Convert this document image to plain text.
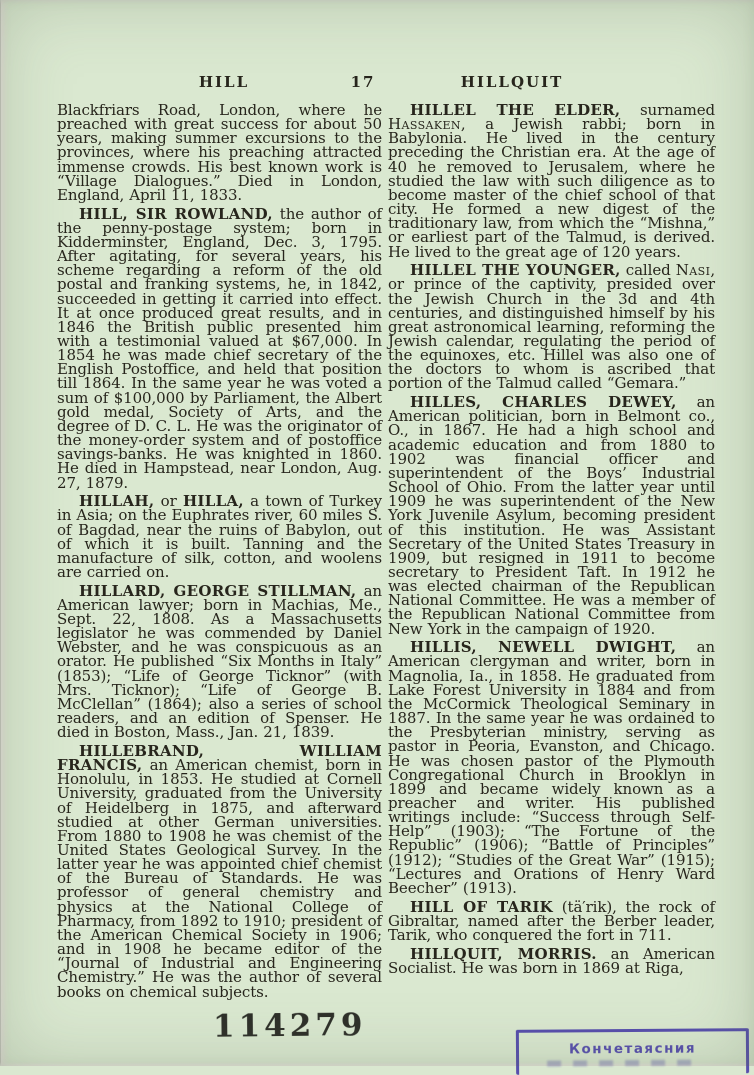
HILL	17	HILLQUIT

Blackfriars Road, London, where he preached with great success for about 50 years, making summer excursions to the provinces, where his preaching attracted immense crowds. His best known work is “Village Dialogues.” Died in London, England, April 11, 1833.

HILL, SIR ROWLAND, the author of the penny-postage system; born in Kidderminster, England, Dec. 3, 1795. After agitating, for several years, his scheme regarding a reform of the old postal and franking systems, he, in 1842, succeeded in getting it carried into effect. It at once produced great results, and in 1846 the British public presented him with a testimonial valued at $67,000. In 1854 he was made chief secretary of the English Postoffice, and held that position till 1864. In the same year he was voted a sum of $100,000 by Parliament, the Albert gold medal, Society of Arts, and the degree of D. C. L. He was the originator of the money-order system and of postoffice savings-banks. He was knighted in 1860. He died in Hampstead, near London, Aug. 27, 1879.

HILLAH, or HILLA, a town of Turkey in Asia; on the Euphrates river, 60 miles S. of Bagdad, near the ruins of Babylon, out of which it is built. Tanning and the manufacture of silk, cotton, and woolens are carried on.

HILLARD, GEORGE STILLMAN, an American lawyer; born in Machias, Me., Sept. 22, 1808. As a Massachusetts legislator he was commended by Daniel Webster, and he was conspicuous as an orator. He published “Six Months in Italy” (1853); “Life of George Ticknor” (with Mrs. Ticknor); “Life of George B. McClellan” (1864); also a series of school readers, and an edition of Spenser. He died in Boston, Mass., Jan. 21, 1839.

HILLEBRAND, WILLIAM FRANCIS, an American chemist, born in Honolulu, in 1853. He studied at Cornell University, graduated from the University of Heidelberg in 1875, and afterward studied at other German universities. From 1880 to 1908 he was chemist of the United States Geological Survey. In the latter year he was appointed chief chemist of the Bureau of Standards. He was professor of general chemistry and physics at the National College of Pharmacy, from 1892 to 1910; president of the American Chemical Society in 1906; and in 1908 he became editor of the “Journal of Industrial and Engineering Chemistry.” He was the author of several books on chemical subjects.

HILLEL THE ELDER, surnamed Hassaken, a Jewish rabbi; born in Babylonia. He lived in the century preceding the Christian era. At the age of 40 he removed to Jerusalem, where he studied the law with such diligence as to become master of the chief school of that city. He formed a new digest of the traditionary law, from which the “Mishna,” or earliest part of the Talmud, is derived. He lived to the great age of 120 years.

HILLEL THE YOUNGER, called Nasi, or prince of the captivity, presided over the Jewish Church in the 3d and 4th centuries, and distinguished himself by his great astronomical learning, reforming the Jewish calendar, regulating the period of the equinoxes, etc. Hillel was also one of the doctors to whom is ascribed that portion of the Talmud called “Gemara.”

HILLES, CHARLES DEWEY, an American politician, born in Belmont co., O., in 1867. He had a high school and academic education and from 1880 to 1902 was financial officer and superintendent of the Boys’ Industrial School of Ohio. From the latter year until 1909 he was superintendent of the New York Juvenile Asylum, becoming president of this institution. He was Assistant Secretary of the United States Treasury in 1909, but resigned in 1911 to become secretary to President Taft. In 1912 he was elected chairman of the Republican National Committee. He was a member of the Republican National Committee from New York in the campaign of 1920.

HILLIS, NEWELL DWIGHT, an American clergyman and writer, born in Magnolia, Ia., in 1858. He graduated from Lake Forest University in 1884 and from the McCormick Theological Seminary in 1887. In the same year he was ordained to the Presbyterian ministry, serving as pastor in Peoria, Evanston, and Chicago. He was chosen pastor of the Plymouth Congregational Church in Brooklyn in 1899 and became widely known as a preacher and writer. His published writings include: “Success through Self-Help” (1903); “The Fortune of the Republic” (1906); “Battle of Principles” (1912); “Studies of the Great War” (1915); “Lectures and Orations of Henry Ward Beecher” (1913).

HILL OF TARIK (tä′rik), the rock of Gibraltar, named after the Berber leader, Tarik, who conquered the fort in 711.

HILLQUIT, MORRIS. an American Socialist. He was born in 1869 at Riga,

114279
Кончетаясния
